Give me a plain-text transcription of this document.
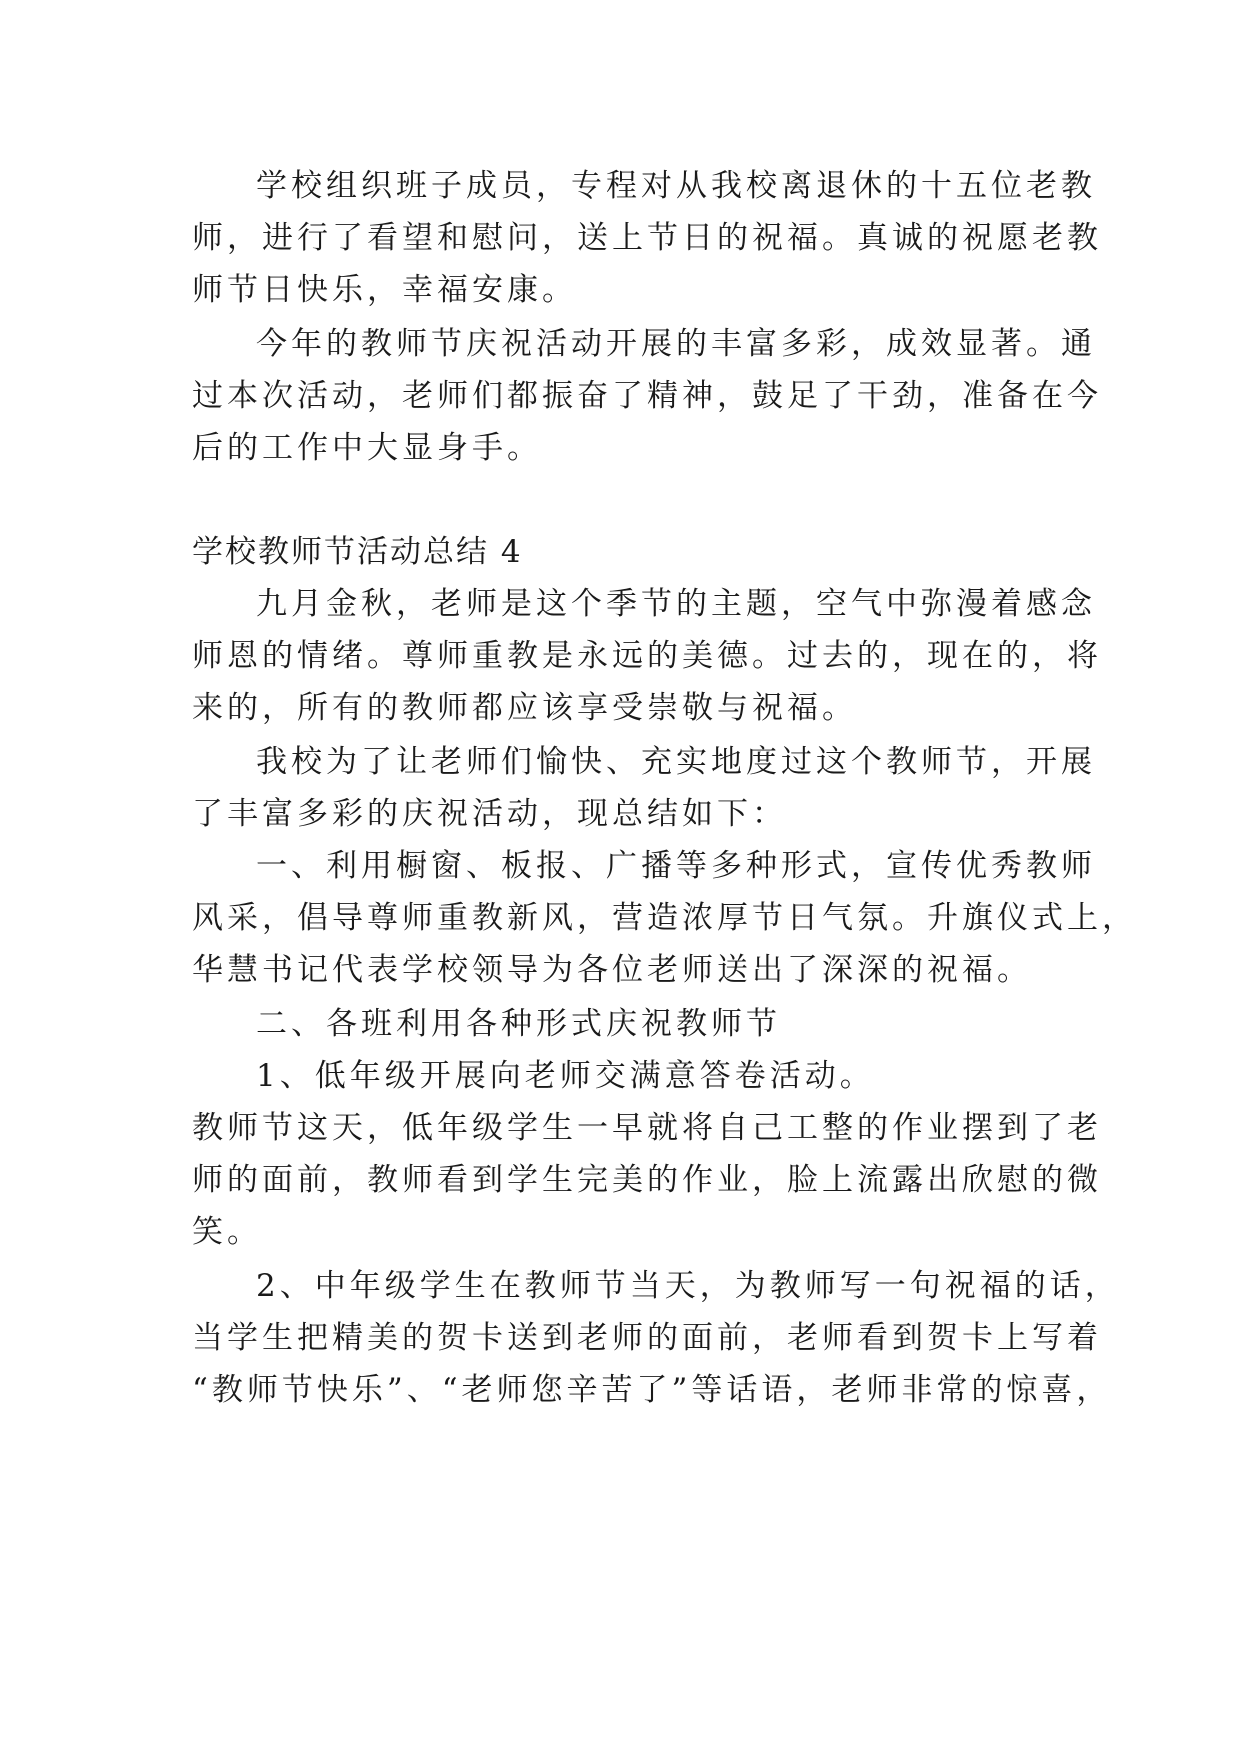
学校组织班子成员，专程对从我校离退休的十五位老教
师，进行了看望和慰问，送上节日的祝福。真诚的祝愿老教
师节日快乐，幸福安康。
今年的教师节庆祝活动开展的丰富多彩，成效显著。通
过本次活动，老师们都振奋了精神，鼓足了干劲，准备在今
后的工作中大显身手。
学校教师节活动总结 4
九月金秋，老师是这个季节的主题，空气中弥漫着感念
师恩的情绪。尊师重教是永远的美德。过去的，现在的，将
来的，所有的教师都应该享受崇敬与祝福。
我校为了让老师们愉快、充实地度过这个教师节，开展
了丰富多彩的庆祝活动，现总结如下：
一、利用橱窗、板报、广播等多种形式，宣传优秀教师
风采，倡导尊师重教新风，营造浓厚节日气氛。升旗仪式上，
华慧书记代表学校领导为各位老师送出了深深的祝福。
二、各班利用各种形式庆祝教师节
1、低年级开展向老师交满意答卷活动。
教师节这天，低年级学生一早就将自己工整的作业摆到了老
师的面前，教师看到学生完美的作业，脸上流露出欣慰的微
笑。
2、中年级学生在教师节当天，为教师写一句祝福的话，
当学生把精美的贺卡送到老师的面前，老师看到贺卡上写着
“教师节快乐”、“老师您辛苦了”等话语，老师非常的惊喜，
